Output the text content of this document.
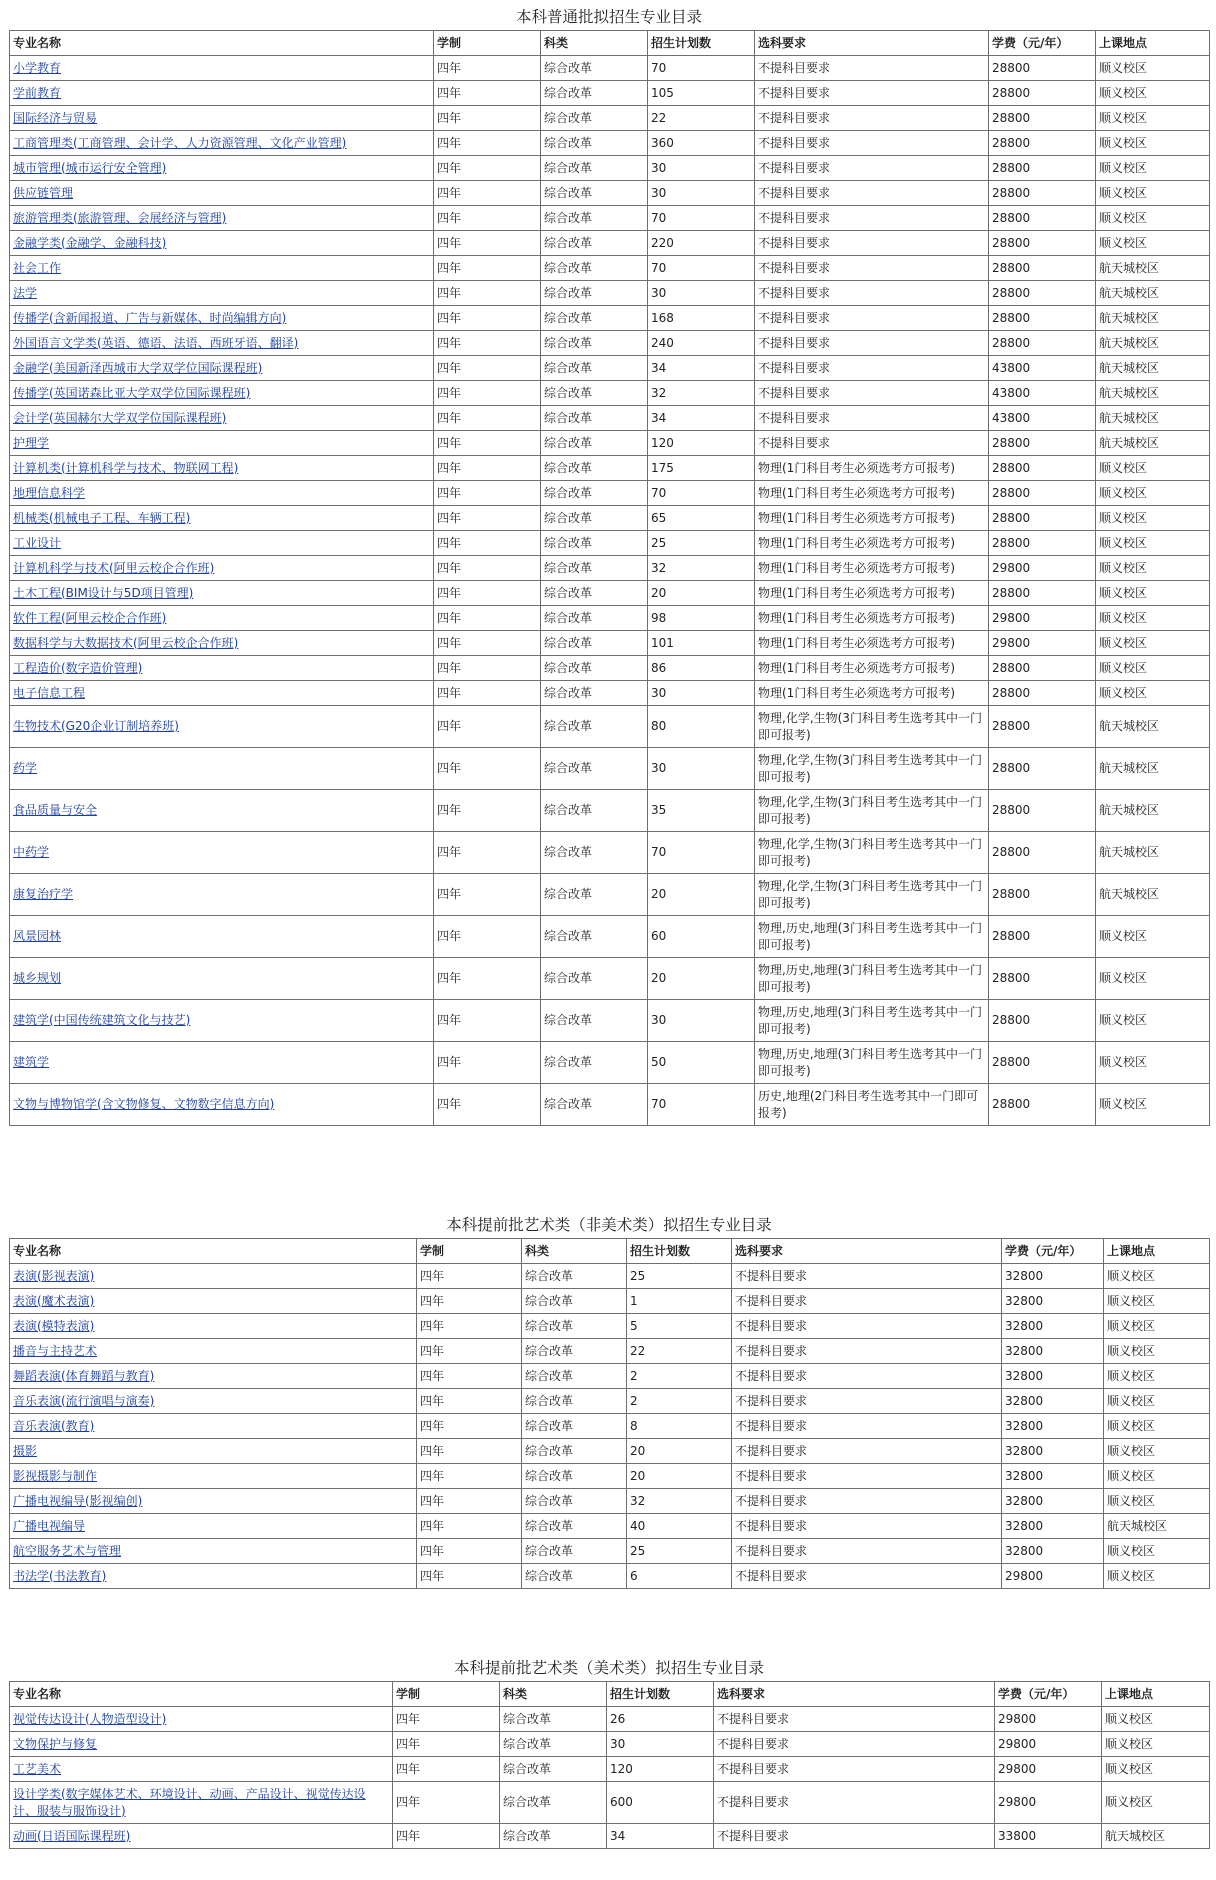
本科普通批拟招生专业目录
专业名称	学制	科类	招生计划数	选科要求	学费（元/年）	上课地点
小学教育	四年	综合改革	70	不提科目要求	28800	顺义校区
学前教育	四年	综合改革	105	不提科目要求	28800	顺义校区
国际经济与贸易	四年	综合改革	22	不提科目要求	28800	顺义校区
工商管理类(工商管理、会计学、人力资源管理、文化产业管理)	四年	综合改革	360	不提科目要求	28800	顺义校区
城市管理(城市运行安全管理)	四年	综合改革	30	不提科目要求	28800	顺义校区
供应链管理	四年	综合改革	30	不提科目要求	28800	顺义校区
旅游管理类(旅游管理、会展经济与管理)	四年	综合改革	70	不提科目要求	28800	顺义校区
金融学类(金融学、金融科技)	四年	综合改革	220	不提科目要求	28800	顺义校区
社会工作	四年	综合改革	70	不提科目要求	28800	航天城校区
法学	四年	综合改革	30	不提科目要求	28800	航天城校区
传播学(含新闻报道、广告与新媒体、时尚编辑方向)	四年	综合改革	168	不提科目要求	28800	航天城校区
外国语言文学类(英语、德语、法语、西班牙语、翻译)	四年	综合改革	240	不提科目要求	28800	航天城校区
金融学(美国新泽西城市大学双学位国际课程班)	四年	综合改革	34	不提科目要求	43800	航天城校区
传播学(英国诺森比亚大学双学位国际课程班)	四年	综合改革	32	不提科目要求	43800	航天城校区
会计学(英国赫尔大学双学位国际课程班)	四年	综合改革	34	不提科目要求	43800	航天城校区
护理学	四年	综合改革	120	不提科目要求	28800	航天城校区
计算机类(计算机科学与技术、物联网工程)	四年	综合改革	175	物理(1门科目考生必须选考方可报考)	28800	顺义校区
地理信息科学	四年	综合改革	70	物理(1门科目考生必须选考方可报考)	28800	顺义校区
机械类(机械电子工程、车辆工程)	四年	综合改革	65	物理(1门科目考生必须选考方可报考)	28800	顺义校区
工业设计	四年	综合改革	25	物理(1门科目考生必须选考方可报考)	28800	顺义校区
计算机科学与技术(阿里云校企合作班)	四年	综合改革	32	物理(1门科目考生必须选考方可报考)	29800	顺义校区
土木工程(BIM设计与5D项目管理)	四年	综合改革	20	物理(1门科目考生必须选考方可报考)	28800	顺义校区
软件工程(阿里云校企合作班)	四年	综合改革	98	物理(1门科目考生必须选考方可报考)	29800	顺义校区
数据科学与大数据技术(阿里云校企合作班)	四年	综合改革	101	物理(1门科目考生必须选考方可报考)	29800	顺义校区
工程造价(数字造价管理)	四年	综合改革	86	物理(1门科目考生必须选考方可报考)	28800	顺义校区
电子信息工程	四年	综合改革	30	物理(1门科目考生必须选考方可报考)	28800	顺义校区
生物技术(G20企业订制培养班)	四年	综合改革	80	物理,化学,生物(3门科目考生选考其中一门即可报考)	28800	航天城校区
药学	四年	综合改革	30	物理,化学,生物(3门科目考生选考其中一门即可报考)	28800	航天城校区
食品质量与安全	四年	综合改革	35	物理,化学,生物(3门科目考生选考其中一门即可报考)	28800	航天城校区
中药学	四年	综合改革	70	物理,化学,生物(3门科目考生选考其中一门即可报考)	28800	航天城校区
康复治疗学	四年	综合改革	20	物理,化学,生物(3门科目考生选考其中一门即可报考)	28800	航天城校区
风景园林	四年	综合改革	60	物理,历史,地理(3门科目考生选考其中一门即可报考)	28800	顺义校区
城乡规划	四年	综合改革	20	物理,历史,地理(3门科目考生选考其中一门即可报考)	28800	顺义校区
建筑学(中国传统建筑文化与技艺)	四年	综合改革	30	物理,历史,地理(3门科目考生选考其中一门即可报考)	28800	顺义校区
建筑学	四年	综合改革	50	物理,历史,地理(3门科目考生选考其中一门即可报考)	28800	顺义校区
文物与博物馆学(含文物修复、文物数字信息方向)	四年	综合改革	70	历史,地理(2门科目考生选考其中一门即可报考)	28800	顺义校区
本科提前批艺术类（非美术类）拟招生专业目录
专业名称	学制	科类	招生计划数	选科要求	学费（元/年）	上课地点
表演(影视表演)	四年	综合改革	25	不提科目要求	32800	顺义校区
表演(魔术表演)	四年	综合改革	1	不提科目要求	32800	顺义校区
表演(模特表演)	四年	综合改革	5	不提科目要求	32800	顺义校区
播音与主持艺术	四年	综合改革	22	不提科目要求	32800	顺义校区
舞蹈表演(体育舞蹈与教育)	四年	综合改革	2	不提科目要求	32800	顺义校区
音乐表演(流行演唱与演奏)	四年	综合改革	2	不提科目要求	32800	顺义校区
音乐表演(教育)	四年	综合改革	8	不提科目要求	32800	顺义校区
摄影	四年	综合改革	20	不提科目要求	32800	顺义校区
影视摄影与制作	四年	综合改革	20	不提科目要求	32800	顺义校区
广播电视编导(影视编创)	四年	综合改革	32	不提科目要求	32800	顺义校区
广播电视编导	四年	综合改革	40	不提科目要求	32800	航天城校区
航空服务艺术与管理	四年	综合改革	25	不提科目要求	32800	顺义校区
书法学(书法教育)	四年	综合改革	6	不提科目要求	29800	顺义校区
本科提前批艺术类（美术类）拟招生专业目录
专业名称	学制	科类	招生计划数	选科要求	学费（元/年）	上课地点
视觉传达设计(人物造型设计)	四年	综合改革	26	不提科目要求	29800	顺义校区
文物保护与修复	四年	综合改革	30	不提科目要求	29800	顺义校区
工艺美术	四年	综合改革	120	不提科目要求	29800	顺义校区
设计学类(数字媒体艺术、环境设计、动画、产品设计、视觉传达设计、服装与服饰设计)	四年	综合改革	600	不提科目要求	29800	顺义校区
动画(日语国际课程班)	四年	综合改革	34	不提科目要求	33800	航天城校区
